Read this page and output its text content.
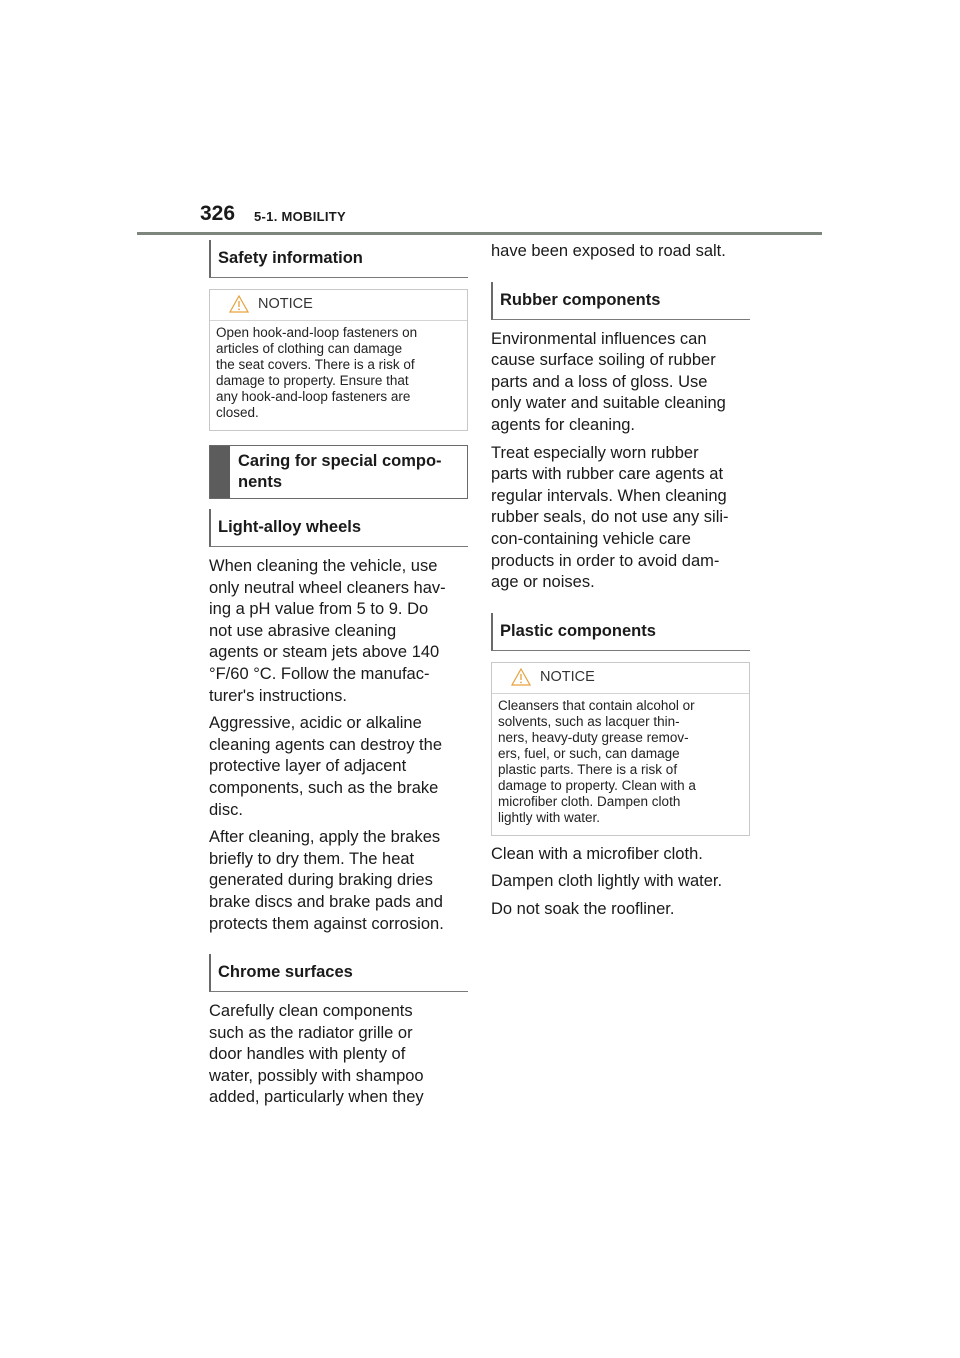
326 5-1. MOBILITY
Safety information
NOTICE
Open hook-and-loop fasteners on
articles of clothing can damage
the seat covers. There is a risk of
damage to property. Ensure that
any hook-and-loop fasteners are
closed.
Caring for special compo-
nents
Light-alloy wheels
When cleaning the vehicle, use
only neutral wheel cleaners hav-
ing a pH value from 5 to 9. Do
not use abrasive cleaning
agents or steam jets above 140
°F/60 °C. Follow the manufac-
turer's instructions.
Aggressive, acidic or alkaline
cleaning agents can destroy the
protective layer of adjacent
components, such as the brake
disc.
After cleaning, apply the brakes
briefly to dry them. The heat
generated during braking dries
brake discs and brake pads and
protects them against corrosion.
Chrome surfaces
Carefully clean components
such as the radiator grille or
door handles with plenty of
water, possibly with shampoo
added, particularly when they
have been exposed to road salt.
Rubber components
Environmental influences can
cause surface soiling of rubber
parts and a loss of gloss. Use
only water and suitable cleaning
agents for cleaning.
Treat especially worn rubber
parts with rubber care agents at
regular intervals. When cleaning
rubber seals, do not use any sili-
con-containing vehicle care
products in order to avoid dam-
age or noises.
Plastic components
NOTICE
Cleansers that contain alcohol or
solvents, such as lacquer thin-
ners, heavy-duty grease remov-
ers, fuel, or such, can damage
plastic parts. There is a risk of
damage to property. Clean with a
microfiber cloth. Dampen cloth
lightly with water.
Clean with a microfiber cloth.
Dampen cloth lightly with water.
Do not soak the roofliner.
